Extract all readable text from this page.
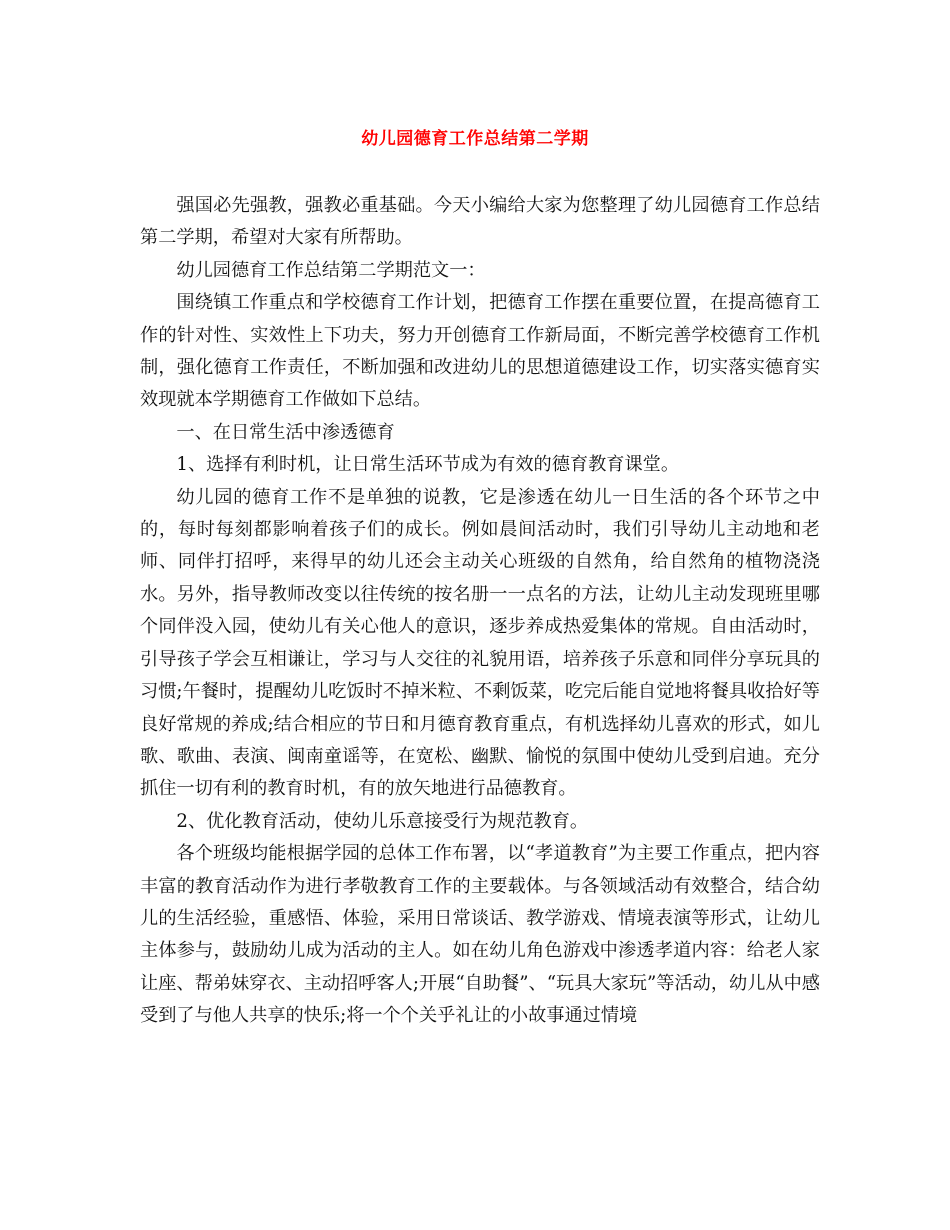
幼儿园德育工作总结第二学期

强国必先强教，强教必重基础。今天小编给大家为您整理了幼儿园德育工作总结第二学期，希望对大家有所帮助。

幼儿园德育工作总结第二学期范文一：

围绕镇工作重点和学校德育工作计划，把德育工作摆在重要位置，在提高德育工作的针对性、实效性上下功夫，努力开创德育工作新局面，不断完善学校德育工作机制，强化德育工作责任，不断加强和改进幼儿的思想道德建设工作，切实落实德育实效现就本学期德育工作做如下总结。

一、在日常生活中渗透德育

1、选择有利时机，让日常生活环节成为有效的德育教育课堂。

幼儿园的德育工作不是单独的说教，它是渗透在幼儿一日生活的各个环节之中的，每时每刻都影响着孩子们的成长。例如晨间活动时，我们引导幼儿主动地和老师、同伴打招呼，来得早的幼儿还会主动关心班级的自然角，给自然角的植物浇浇水。另外，指导教师改变以往传统的按名册一一点名的方法，让幼儿主动发现班里哪个同伴没入园，使幼儿有关心他人的意识，逐步养成热爱集体的常规。自由活动时，引导孩子学会互相谦让，学习与人交往的礼貌用语，培养孩子乐意和同伴分享玩具的习惯;午餐时，提醒幼儿吃饭时不掉米粒、不剩饭菜，吃完后能自觉地将餐具收拾好等良好常规的养成;结合相应的节日和月德育教育重点，有机选择幼儿喜欢的形式，如儿歌、歌曲、表演、闽南童谣等，在宽松、幽默、愉悦的氛围中使幼儿受到启迪。充分抓住一切有利的教育时机，有的放矢地进行品德教育。

2、优化教育活动，使幼儿乐意接受行为规范教育。

各个班级均能根据学园的总体工作布署，以“孝道教育”为主要工作重点，把内容丰富的教育活动作为进行孝敬教育工作的主要载体。与各领域活动有效整合，结合幼儿的生活经验，重感悟、体验，采用日常谈话、教学游戏、情境表演等形式，让幼儿主体参与，鼓励幼儿成为活动的主人。如在幼儿角色游戏中渗透孝道内容：给老人家让座、帮弟妹穿衣、主动招呼客人;开展“自助餐”、“玩具大家玩”等活动，幼儿从中感受到了与他人共享的快乐;将一个个关乎礼让的小故事通过情境
